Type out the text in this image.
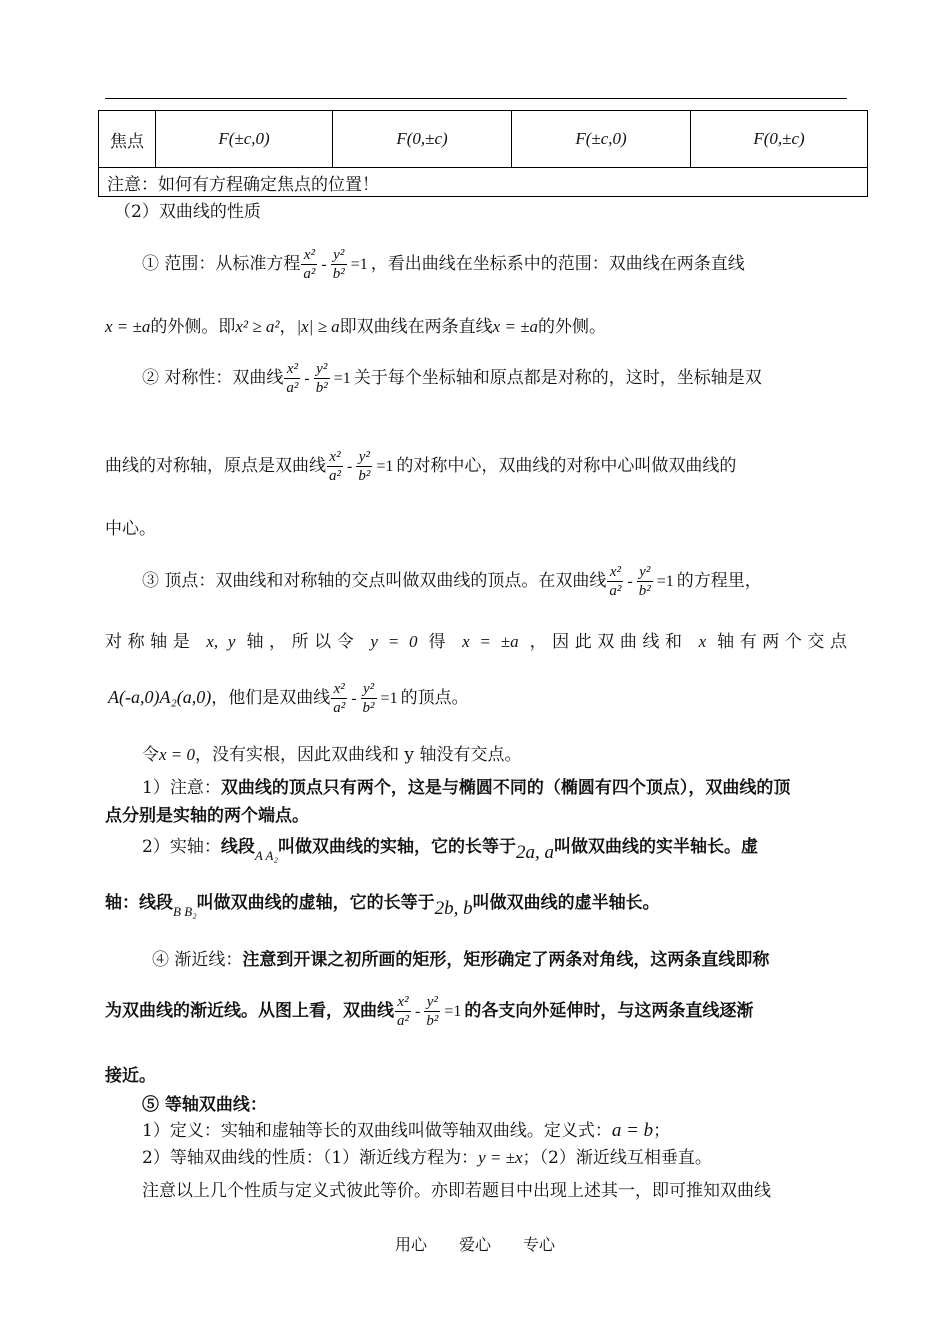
焦点	F(±c,0)	F(0,±c)	F(±c,0)	F(0,±c)
注意：如何有方程确定焦点的位置！
（2）双曲线的性质
① 范围：从标准方程 $\frac{\text{x²}}{\text{a²}} - \frac{\text{y²}}{\text{b²}} =1$ ，看出曲线在坐标系中的范围：双曲线在两条直线
x = ±a的外侧。即x² ≥ a²，|x| ≥ a即双曲线在两条直线x = ±a的外侧。
② 对称性：双曲线 $\frac{\text{x²}}{\text{a²}} - \frac{\text{y²}}{\text{b²}} =1$ 关于每个坐标轴和原点都是对称的，这时，坐标轴是双
曲线的对称轴，原点是双曲线 $\frac{\text{x²}}{\text{a²}} - \frac{\text{y²}}{\text{b²}} =1$ 的对称中心，双曲线的对称中心叫做双曲线的
中心。
③ 顶点：双曲线和对称轴的交点叫做双曲线的顶点。在双曲线 $\frac{\text{x²}}{\text{a²}} - \frac{\text{y²}}{\text{b²}} =1$ 的方程里，
对称轴是 x, y 轴，所以令 y = 0 得 x = ±a ，因此双曲线和 x 轴有两个交点
A(-a,0)A₂(a,0)，他们是双曲线 $\frac{\text{x²}}{\text{a²}} - \frac{\text{y²}}{\text{b²}} =1$ 的顶点。
令x = 0，没有实根，因此双曲线和 y 轴没有交点。
1）注意：双曲线的顶点只有两个，这是与椭圆不同的（椭圆有四个顶点），双曲线的顶
点分别是实轴的两个端点。
2）实轴：线段$_{A A_2}$叫做双曲线的实轴，它的长等于2a, a叫做双曲线的实半轴长。虚
轴：线段$_{B B_2}$叫做双曲线的虚轴，它的长等于2b, b叫做双曲线的虚半轴长。
④ 渐近线：注意到开课之初所画的矩形，矩形确定了两条对角线，这两条直线即称
为双曲线的渐近线。从图上看，双曲线 $\frac{\text{x²}}{\text{a²}} - \frac{\text{y²}}{\text{b²}} =1$ 的各支向外延伸时，与这两条直线逐渐
接近。
⑤ 等轴双曲线：
1）定义：实轴和虚轴等长的双曲线叫做等轴双曲线。定义式：a = b；
2）等轴双曲线的性质：（1）渐近线方程为：y = ±x；（2）渐近线互相垂直。
注意以上几个性质与定义式彼此等价。亦即若题目中出现上述其一，即可推知双曲线
用心 爱心 专心
